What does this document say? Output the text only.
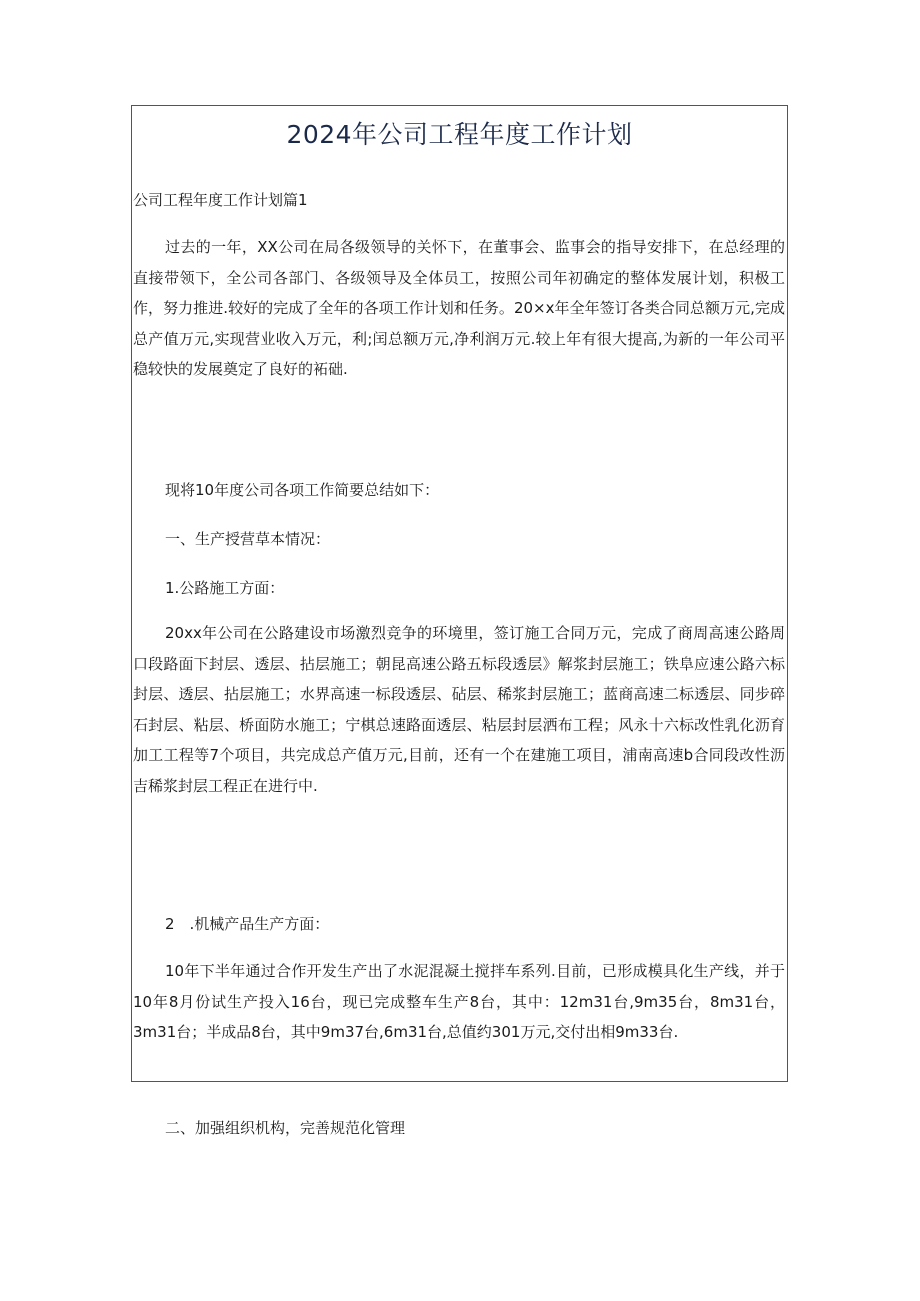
2024年公司工程年度工作计划
公司工程年度工作计划篇1

过去的一年，XX公司在局各级领导的关怀下，在董事会、监事会的指导安排下，在总经理的直接带领下，全公司各部门、各级领导及全体员工，按照公司年初确定的整体发展计划，积极工作，努力推进.较好的完成了全年的各项工作计划和任务。20×x年全年签订各类合同总额万元,完成总产值万元,实现营业收入万元，利;闰总额万元,净利润万元.较上年有很大提高,为新的一年公司平稳较快的发展奠定了良好的袥础.

现将10年度公司各项工作简要总结如下：
一、生产授营草本情况：
1.公路施工方面：

20xx年公司在公路建设市场激烈竞争的环境里，签订施工合同万元，完成了商周高速公路周口段路面下封层、透层、拈层施工；朝昆高速公路五标段透层》解浆封层施工；铁阜应速公路六标封层、透层、拈层施工；水界高速一标段透层、砧层、稀浆封层施工；蓝商高速二标透层、同步碎石封层、粘层、桥面防水施工；宁棋总速路面透层、粘层封层洒布工程；风永十六标改性乳化沥育加工工程等7个项目，共完成总产值万元,目前，还有一个在建施工项目，浦南高速b合同段改性沥吉稀浆封层工程正在进行中.

2　.机械产品生产方面：

10年下半年通过合作开发生产出了水泥混凝土搅拌车系列.目前，已形成模具化生产线，并于10年8月份试生产投入16台，现已完成整车生产8台，其中：12m31台,9m35台，8m31台，3m31台；半成品8台，其中9m37台,6m31台,总值约301万元,交付出相9m33台.

二、加强组织机构，完善规范化管理
